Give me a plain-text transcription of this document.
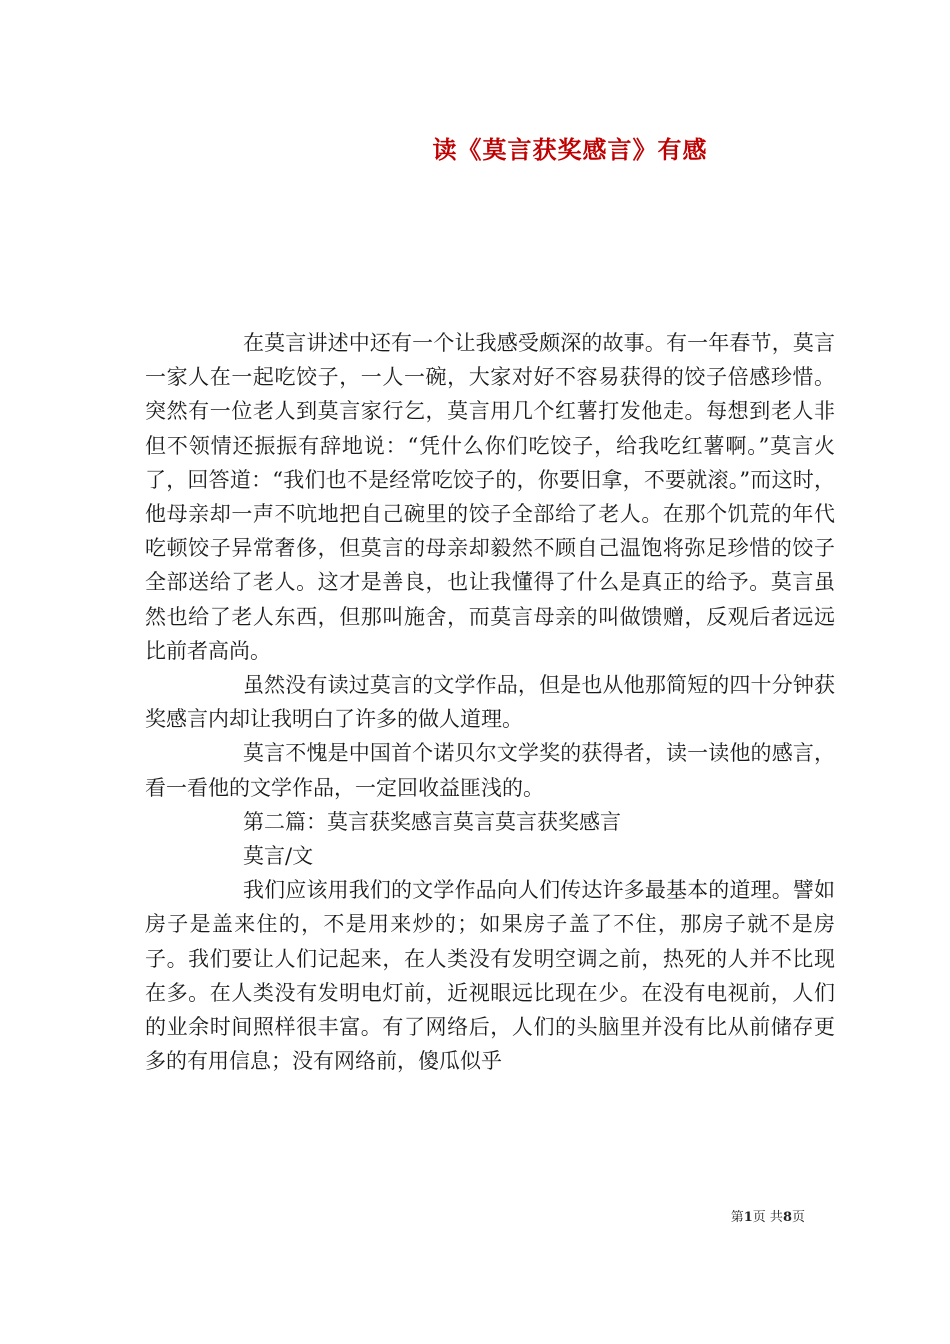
读《莫言获奖感言》有感

在莫言讲述中还有一个让我感受颇深的故事。有一年春节，莫言一家人在一起吃饺子，一人一碗，大家对好不容易获得的饺子倍感珍惜。突然有一位老人到莫言家行乞，莫言用几个红薯打发他走。每想到老人非但不领情还振振有辞地说：“凭什么你们吃饺子，给我吃红薯啊。”莫言火了，回答道：“我们也不是经常吃饺子的，你要旧拿，不要就滚。”而这时，他母亲却一声不吭地把自己碗里的饺子全部给了老人。在那个饥荒的年代吃顿饺子异常奢侈，但莫言的母亲却毅然不顾自己温饱将弥足珍惜的饺子全部送给了老人。这才是善良，也让我懂得了什么是真正的给予。莫言虽然也给了老人东西，但那叫施舍，而莫言母亲的叫做馈赠，反观后者远远比前者高尚。

虽然没有读过莫言的文学作品，但是也从他那简短的四十分钟获奖感言内却让我明白了许多的做人道理。

莫言不愧是中国首个诺贝尔文学奖的获得者，读一读他的感言，看一看他的文学作品，一定回收益匪浅的。

第二篇：莫言获奖感言莫言莫言获奖感言

莫言/文

我们应该用我们的文学作品向人们传达许多最基本的道理。譬如房子是盖来住的，不是用来炒的；如果房子盖了不住，那房子就不是房子。我们要让人们记起来，在人类没有发明空调之前，热死的人并不比现在多。在人类没有发明电灯前，近视眼远比现在少。在没有电视前，人们的业余时间照样很丰富。有了网络后，人们的头脑里并没有比从前储存更多的有用信息；没有网络前，傻瓜似乎

第1页 共8页
